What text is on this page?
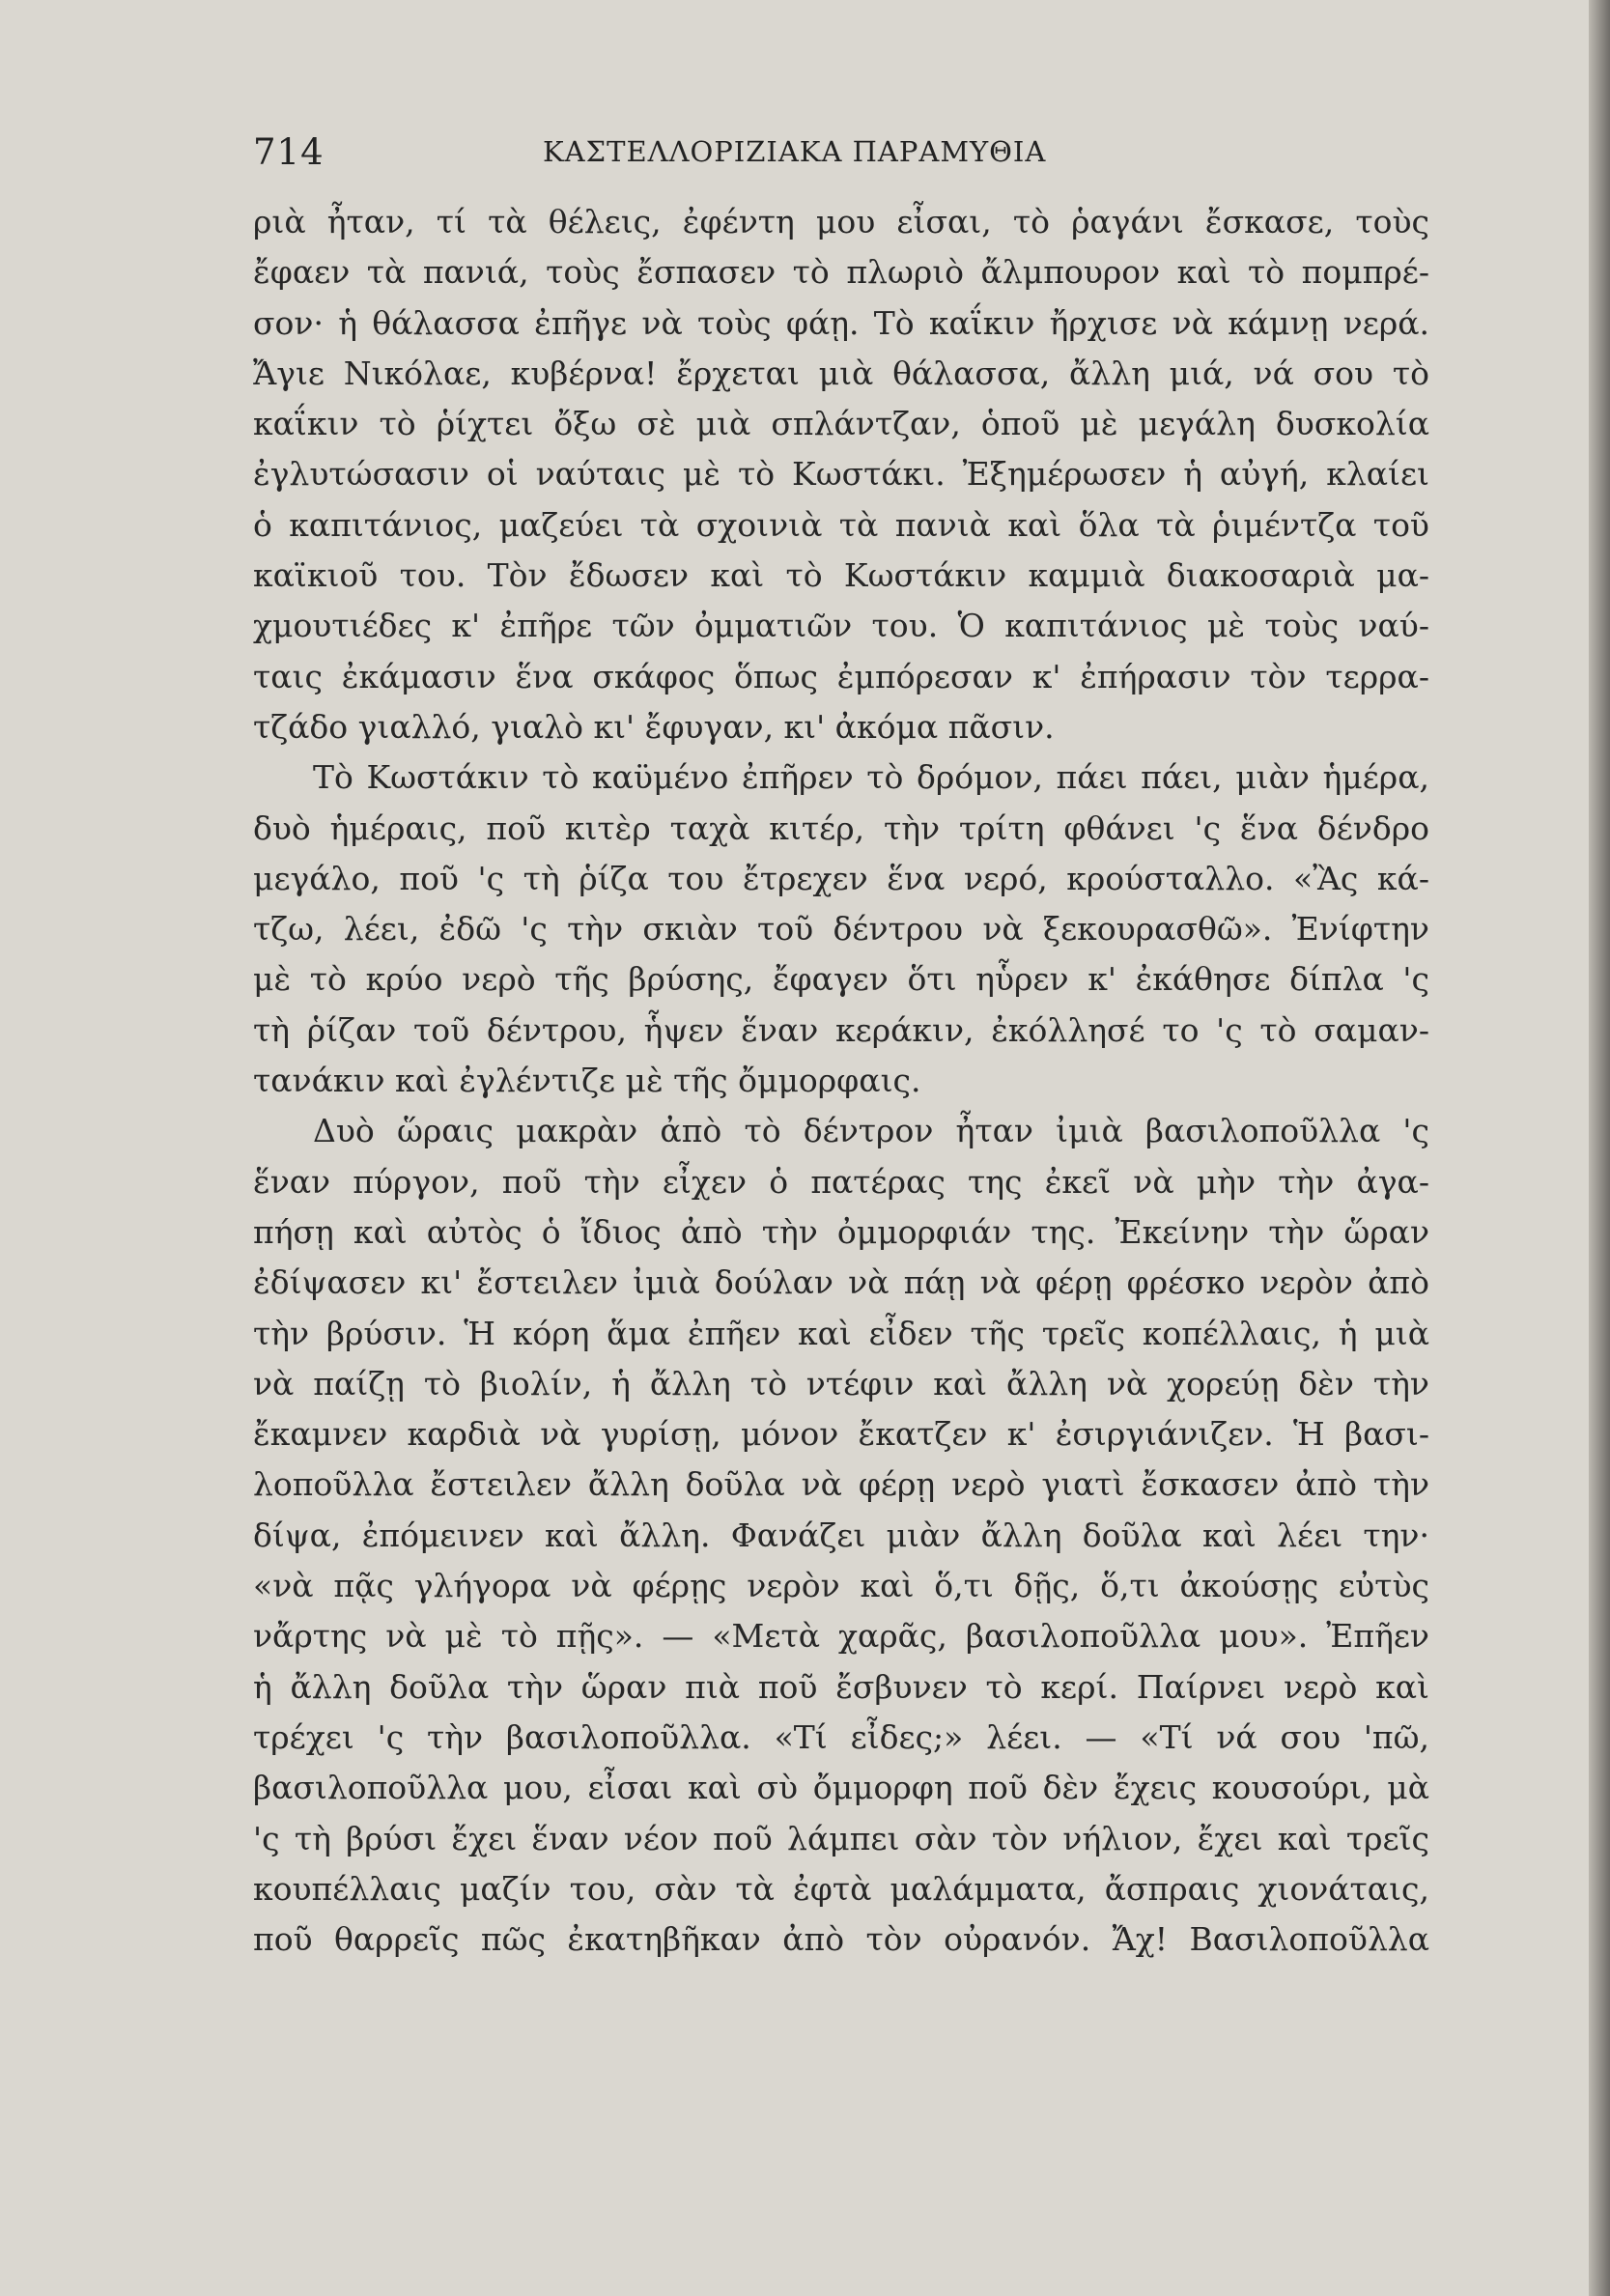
714	ΚΑΣΤΕΛΛΟΡΙΖΙΑΚΑ ΠΑΡΑΜΥΘΙΑ
ριὰ ἦταν, τί τὰ θέλεις, ἐφέντη μου εἶσαι, τὸ ῥαγάνι ἔσκασε, τοὺς
ἔφαεν τὰ πανιά, τοὺς ἔσπασεν τὸ πλωριὸ ἄλμπουρον καὶ τὸ πομπρέ-
σον· ἡ θάλασσα ἐπῆγε νὰ τοὺς φάῃ. Τὸ καΐκιν ἤρχισε νὰ κάμνῃ νερά.
Ἄγιε Νικόλαε, κυβέρνα! ἔρχεται μιὰ θάλασσα, ἄλλη μιά, νά σου τὸ
καΐκιν τὸ ῥίχτει ὄξω σὲ μιὰ σπλάντζαν, ὁποῦ μὲ μεγάλη δυσκολία
ἐγλυτώσασιν οἱ ναύταις μὲ τὸ Κωστάκι. Ἐξημέρωσεν ἡ αὐγή, κλαίει
ὁ καπιτάνιος, μαζεύει τὰ σχοινιὰ τὰ πανιὰ καὶ ὅλα τὰ ῥιμέντζα τοῦ
καϊκιοῦ του. Τὸν ἔδωσεν καὶ τὸ Κωστάκιν καμμιὰ διακοσαριὰ μα-
χμουτιέδες κ' ἐπῆρε τῶν ὀμματιῶν του. Ὁ καπιτάνιος μὲ τοὺς ναύ-
ταις ἐκάμασιν ἕνα σκάφος ὅπως ἐμπόρεσαν κ' ἐπήρασιν τὸν τερρα-
τζάδο γιαλλό, γιαλὸ κι' ἔφυγαν, κι' ἀκόμα πᾶσιν.
Τὸ Κωστάκιν τὸ καϋμένο ἐπῆρεν τὸ δρόμον, πάει πάει, μιὰν ἡμέρα,
δυὸ ἡμέραις, ποῦ κιτὲρ ταχὰ κιτέρ, τὴν τρίτη φθάνει 'ς ἕνα δένδρο
μεγάλο, ποῦ 'ς τὴ ῥίζα του ἔτρεχεν ἕνα νερό, κρούσταλλο. «Ἂς κά-
τζω, λέει, ἐδῶ 'ς τὴν σκιὰν τοῦ δέντρου νὰ ξεκουρασθῶ». Ἐνίφτην
μὲ τὸ κρύο νερὸ τῆς βρύσης, ἔφαγεν ὅτι ηὗρεν κ' ἐκάθησε δίπλα 'ς
τὴ ῥίζαν τοῦ δέντρου, ἧψεν ἕναν κεράκιν, ἐκόλλησέ το 'ς τὸ σαμαν-
τανάκιν καὶ ἐγλέντιζε μὲ τῆς ὄμμορφαις.
Δυὸ ὥραις μακρὰν ἀπὸ τὸ δέντρον ἦταν ἰμιὰ βασιλοποῦλλα 'ς
ἕναν πύργον, ποῦ τὴν εἶχεν ὁ πατέρας της ἐκεῖ νὰ μὴν τὴν ἀγα-
πήσῃ καὶ αὐτὸς ὁ ἴδιος ἀπὸ τὴν ὀμμορφιάν της. Ἐκείνην τὴν ὥραν
ἐδίψασεν κι' ἔστειλεν ἰμιὰ δούλαν νὰ πάῃ νὰ φέρῃ φρέσκο νερὸν ἀπὸ
τὴν βρύσιν. Ἡ κόρη ἅμα ἐπῆεν καὶ εἶδεν τῆς τρεῖς κοπέλλαις, ἡ μιὰ
νὰ παίζῃ τὸ βιολίν, ἡ ἄλλη τὸ ντέφιν καὶ ἄλλη νὰ χορεύῃ δὲν τὴν
ἔκαμνεν καρδιὰ νὰ γυρίσῃ, μόνον ἔκατζεν κ' ἐσιργιάνιζεν. Ἡ βασι-
λοποῦλλα ἔστειλεν ἄλλη δοῦλα νὰ φέρῃ νερὸ γιατὶ ἔσκασεν ἀπὸ τὴν
δίψα, ἐπόμεινεν καὶ ἄλλη. Φανάζει μιὰν ἄλλη δοῦλα καὶ λέει την·
«νὰ πᾷς γλήγορα νὰ φέρῃς νερὸν καὶ ὅ,τι δῇς, ὅ,τι ἀκούσῃς εὐτὺς
νἄρτης νὰ μὲ τὸ πῇς». — «Μετὰ χαρᾶς, βασιλοποῦλλα μου». Ἐπῆεν
ἡ ἄλλη δοῦλα τὴν ὥραν πιὰ ποῦ ἔσβυνεν τὸ κερί. Παίρνει νερὸ καὶ
τρέχει 'ς τὴν βασιλοποῦλλα. «Τί εἶδες;» λέει. — «Τί νά σου 'πῶ,
βασιλοποῦλλα μου, εἶσαι καὶ σὺ ὄμμορφη ποῦ δὲν ἔχεις κουσούρι, μὰ
'ς τὴ βρύσι ἔχει ἕναν νέον ποῦ λάμπει σὰν τὸν νήλιον, ἔχει καὶ τρεῖς
κουπέλλαις μαζίν του, σὰν τὰ ἐφτὰ μαλάμματα, ἄσπραις χιονάταις,
ποῦ θαρρεῖς πῶς ἐκατηβῆκαν ἀπὸ τὸν οὐρανόν. Ἄχ! Βασιλοποῦλλα
